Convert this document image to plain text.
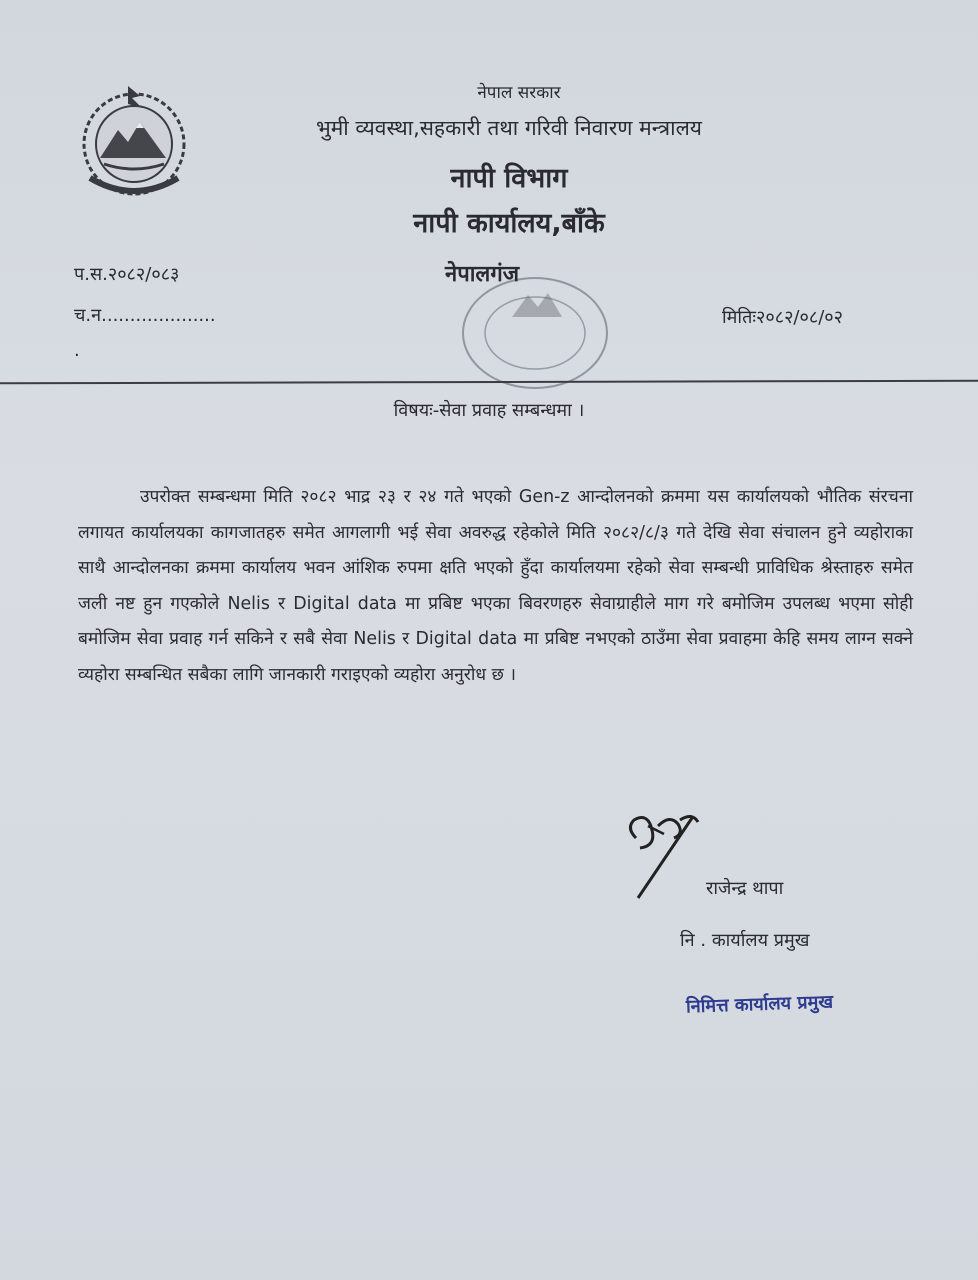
नेपाल सरकार
भुमी व्यवस्था,सहकारी तथा गरिवी निवारण मन्त्रालय
नापी विभाग
नापी कार्यालय,बाँके
प.स.२०८२/०८३
च.न....................
.
मितिः२०८२/०८/०२
नेपालगंज
विषयः-सेवा प्रवाह सम्बन्धमा ।
उपरोक्त सम्बन्धमा मिति २०८२ भाद्र २३ र २४ गते भएको Gen-z आन्दोलनको क्रममा यस कार्यालयको भौतिक संरचना लगायत कार्यालयका कागजातहरु समेत आगलागी भई सेवा अवरुद्ध रहेकोले मिति २०८२/८/३ गते देखि सेवा संचालन हुने व्यहोराका साथै आन्दोलनका क्रममा कार्यालय भवन आंशिक रुपमा क्षति भएको हुँदा कार्यालयमा रहेको सेवा सम्बन्धी प्राविधिक श्रेस्ताहरु समेत जली नष्ट हुन गएकोले Nelis र Digital data मा प्रबिष्ट भएका बिवरणहरु सेवाग्राहीले माग गरे बमोजिम उपलब्ध भएमा सोही बमोजिम सेवा प्रवाह गर्न सकिने र सबै सेवा Nelis र Digital data मा प्रबिष्ट नभएको ठाउँमा सेवा प्रवाहमा केहि समय लाग्न सक्ने व्यहोरा सम्बन्धित सबैका लागि जानकारी गराइएको व्यहोरा अनुरोध छ ।
राजेन्द्र थापा
नि . कार्यालय प्रमुख
निमित्त कार्यालय प्रमुख
